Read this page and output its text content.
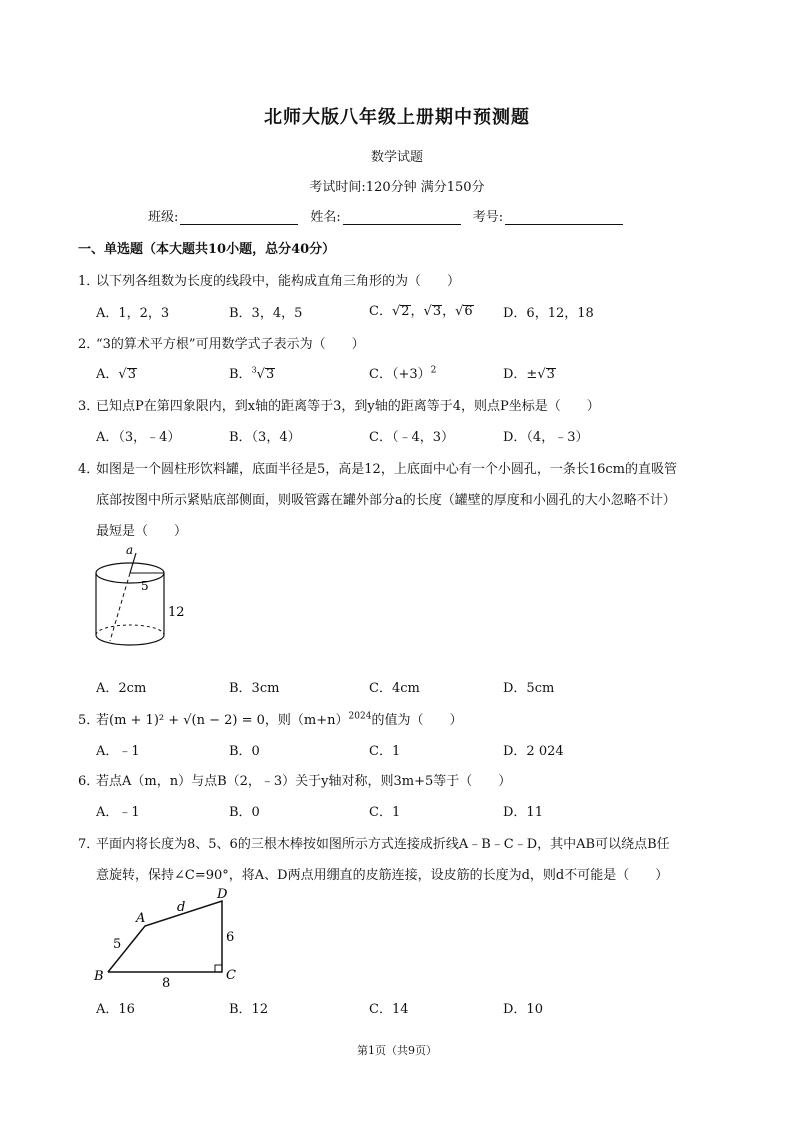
北师大版八年级上册期中预测题
数学试题
考试时间:120分钟 满分150分
班级:	姓名:	考号:
一、单选题（本大题共10小题，总分40分）
1．以下列各组数为长度的线段中，能构成直角三角形的为（　　）
A．1，2，3	B．3，4，5	C．√2，√3，√6 D．6，12，18
2．“3的算术平方根”可用数学式子表示为（　　）
A．√3	B．$^3$√3	C．$(+3)^2$	D．±√3
3．已知点P在第四象限内，到x轴的距离等于3，到y轴的距离等于4，则点P坐标是（　　）
A．（3，﹣4）	B．（3，4）	C．（﹣4，3）	D．（4，﹣3）
4．如图是一个圆柱形饮料罐，底面半径是5，高是12，上底面中心有一个小圆孔，一条长16cm的直吸管
底部按图中所示紧贴底部侧面，则吸管露在罐外部分a的长度（罐壁的厚度和小圆孔的大小忽略不计）
最短是（　　）
a
5
12
A．2cm	B．3cm	C．4cm	D．5cm
5．若(m + 1)² + √(n − 2) = 0，则$(m+n)^{2024}$的值为（　　）
A．﹣1	B．0	C．1	D．2 024
6．若点A（m，n）与点B（2，﹣3）关于y轴对称，则3m+5等于（　　）
A．﹣1	B．0	C．1	D．11
7．平面内将长度为8、5、6的三根木棒按如图所示方式连接成折线A﹣B﹣C﹣D，其中AB可以绕点B任
意旋转，保持∠C=90°，将A、D两点用绷直的皮筋连接，设皮筋的长度为d，则d不可能是（　　）
B
A
D
C
d
5
8
6
A．16	B．12	C．14	D．10
第1页（共9页）
